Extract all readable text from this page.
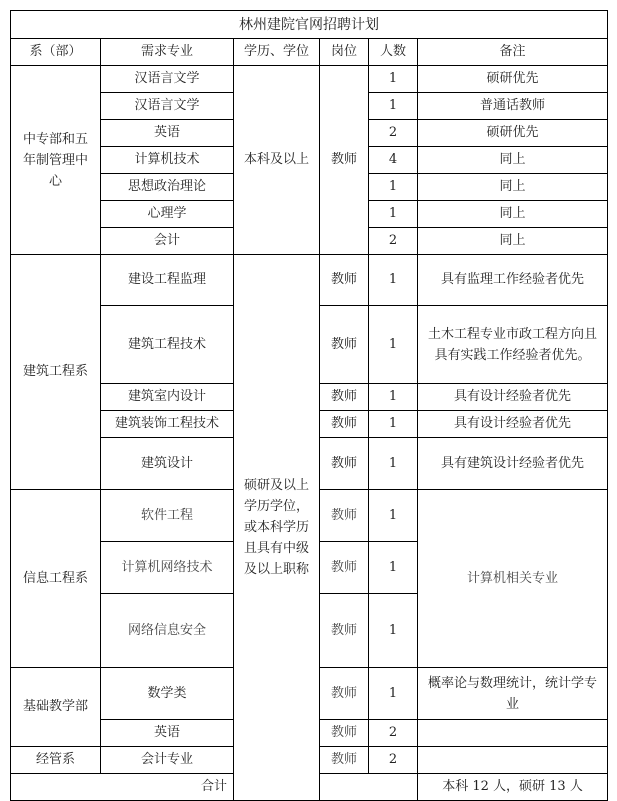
林州建院官网招聘计划					
系（部）	需求专业	学历、学位	岗位	人数	备注
中专部和五年制管理中心	汉语言文学	本科及以上	教师	1	硕研优先
	汉语言文学			1	普通话教师
	英语			2	硕研优先
	计算机技术			4	同上
	思想政治理论			1	同上
	心理学			1	同上
	会计			2	同上
建筑工程系	建设工程监理	硕研及以上学历学位，或本科学历且具有中级及以上职称	教师	1	具有监理工作经验者优先
	建筑工程技术		教师	1	土木工程专业市政工程方向且具有实践工作经验者优先。
	建筑室内设计		教师	1	具有设计经验者优先
	建筑装饰工程技术		教师	1	具有设计经验者优先
	建筑设计		教师	1	具有建筑设计经验者优先
信息工程系	软件工程		教师	1	计算机相关专业
	计算机网络技术		教师	1	
	网络信息安全		教师	1	
基础教学部	数学类		教师	1	概率论与数理统计，统计学专业
	英语		教师	2	
经管系	会计专业		教师	2	
合计					本科 12 人，硕研 13 人
